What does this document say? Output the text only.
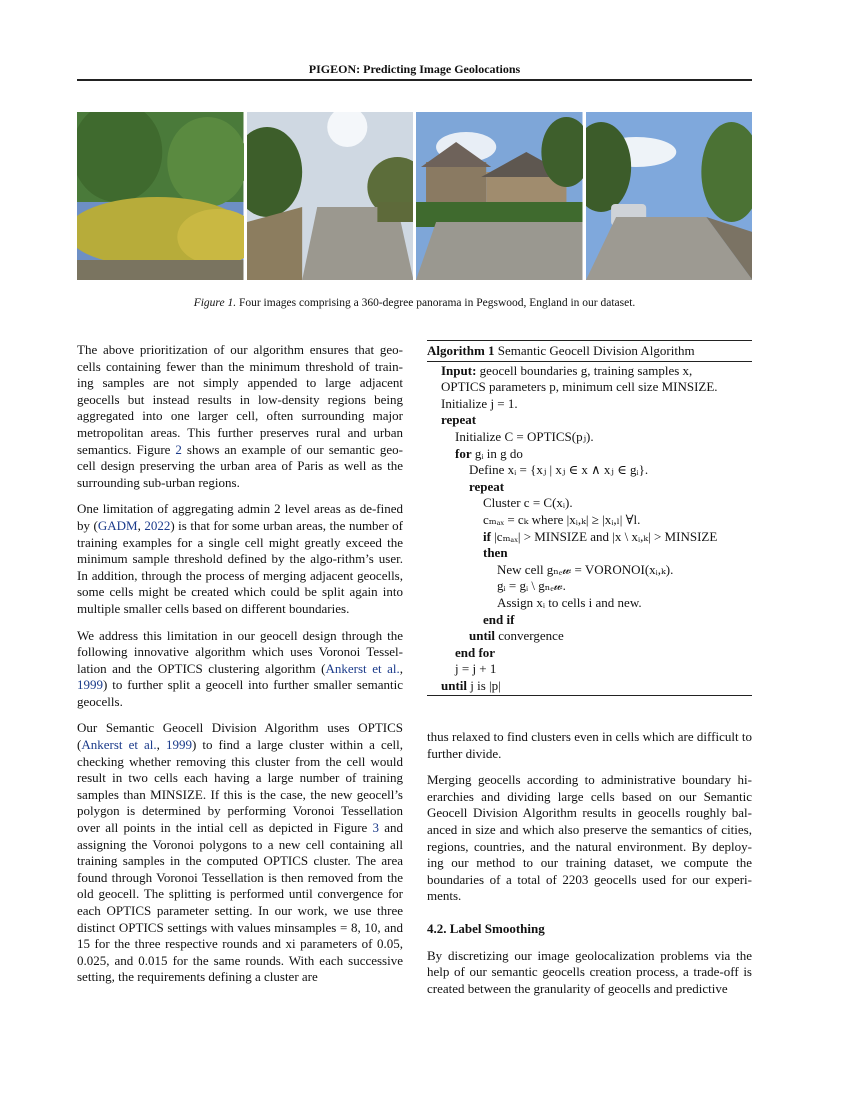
PIGEON: Predicting Image Geolocations
Figure 1. Four images comprising a 360-degree panorama in Pegswood, England in our dataset.

The above prioritization of our algorithm ensures that geo-cells containing fewer than the minimum threshold of train-ing samples are not simply appended to large adjacent geocells but instead results in low-density regions being aggregated into one larger cell, often surrounding major metropolitan areas. This further preserves rural and urban semantics. Figure 2 shows an example of our semantic geo-cell design preserving the urban area of Paris as well as the surrounding sub-urban regions.

One limitation of aggregating admin 2 level areas as de-fined by (GADM, 2022) is that for some urban areas, the number of training examples for a single cell might greatly exceed the minimum sample threshold defined by the algo-rithm’s user. In addition, through the process of merging adjacent geocells, some cells might be created which could be split again into multiple smaller cells based on different boundaries.

We address this limitation in our geocell design through the following innovative algorithm which uses Voronoi Tessel-lation and the OPTICS clustering algorithm (Ankerst et al., 1999) to further split a geocell into further smaller semantic geocells.

Our Semantic Geocell Division Algorithm uses OPTICS (Ankerst et al., 1999) to find a large cluster within a cell, checking whether removing this cluster from the cell would result in two cells each having a large number of training samples than MINSIZE. If this is the case, the new geocell’s polygon is determined by performing Voronoi Tessellation over all points in the intial cell as depicted in Figure 3 and assigning the Voronoi polygons to a new cell containing all training samples in the computed OPTICS cluster. The area found through Voronoi Tessellation is then removed from the old geocell. The splitting is performed until convergence for each OPTICS parameter setting. In our work, we use three distinct OPTICS settings with values minsamples = 8, 10, and 15 for the three respective rounds and xi parameters of 0.05, 0.025, and 0.015 for the same rounds. With each successive setting, the requirements defining a cluster are

Algorithm 1 Semantic Geocell Division Algorithm
Input: geocell boundaries g, training samples x,
OPTICS parameters p, minimum cell size MINSIZE.
Initialize j = 1.
repeat
Initialize C = OPTICS(pⱼ).
for gᵢ in g do
Define xᵢ = {xⱼ | xⱼ ∈ x ∧ xⱼ ∈ gᵢ}.
repeat
Cluster c = C(xᵢ).
cₘₐₓ = cₖ where |xᵢ,ₖ| ≥ |xᵢ,ₗ| ∀l.
if |cₘₐₓ| > MINSIZE and |x \ xᵢ,ₖ| > MINSIZE
then
New cell gₙₑ𝓌 = VORONOI(xᵢ,ₖ).
gᵢ = gᵢ \ gₙₑ𝓌.
Assign xᵢ to cells i and new.
end if
until convergence
end for
j = j + 1
until j is |p|

thus relaxed to find clusters even in cells which are difficult to further divide.

Merging geocells according to administrative boundary hi-erarchies and dividing large cells based on our Semantic Geocell Division Algorithm results in geocells roughly bal-anced in size and which also preserve the semantics of cities, regions, countries, and the natural environment. By deploy-ing our method to our training dataset, we compute the boundaries of a total of 2203 geocells used for our experi-ments.

4.2. Label Smoothing

By discretizing our image geolocalization problems via the help of our semantic geocells creation process, a trade-off is created between the granularity of geocells and predictive
